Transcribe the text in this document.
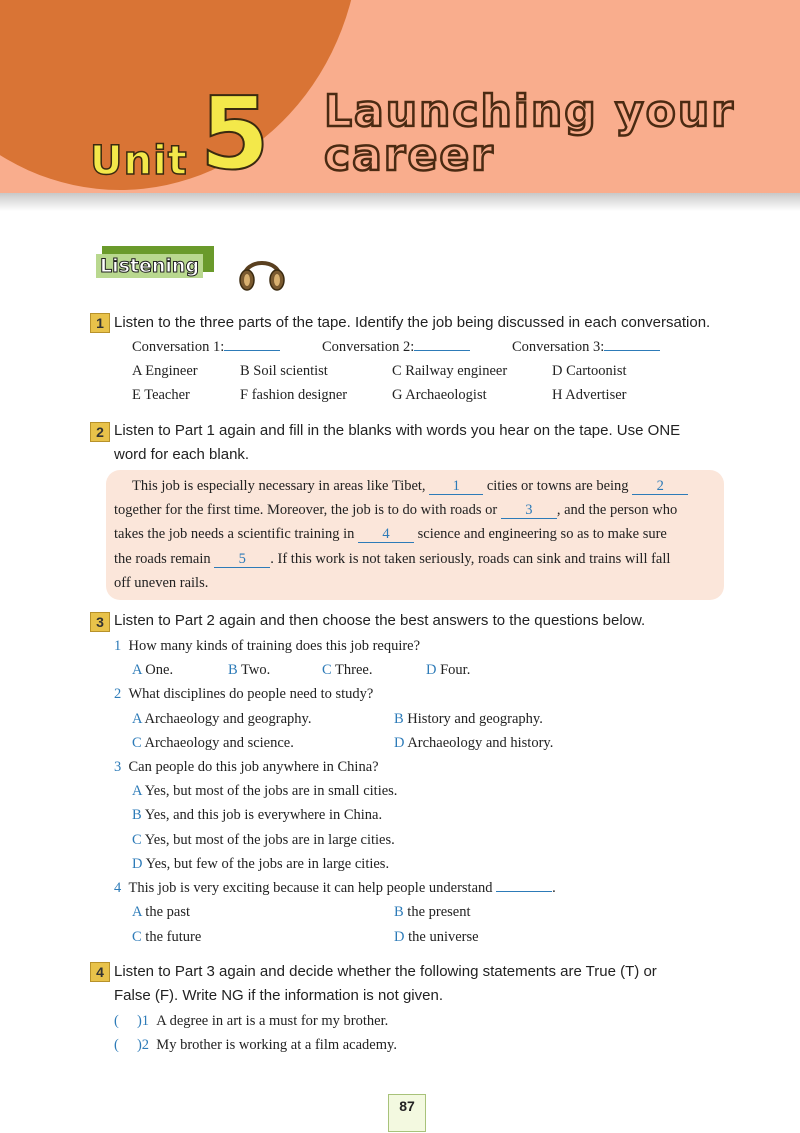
Unit 5 Launching your
career
Listening
1 Listen to the three parts of the tape. Identify the job being discussed in each conversation.
Conversation 1:	Conversation 2:	Conversation 3:
A Engineer	B Soil scientist	C Railway engineer	D Cartoonist
E Teacher	F fashion designer	G Archaeologist	H Advertiser
2 Listen to Part 1 again and fill in the blanks with words you hear on the tape. Use ONE
word for each blank.
This job is especially necessary in areas like Tibet, 1 cities or towns are being 2
together for the first time. Moreover, the job is to do with roads or 3 , and the person who
takes the job needs a scientific training in 4 science and engineering so as to make sure
the roads remain 5 . If this work is not taken seriously, roads can sink and trains will fall
off uneven rails.
3 Listen to Part 2 again and then choose the best answers to the questions below.
1 How many kinds of training does this job require?
A One.	B Two.	C Three.	D Four.
2 What disciplines do people need to study?
A Archaeology and geography.	B History and geography.
C Archaeology and science.	D Archaeology and history.
3 Can people do this job anywhere in China?
A Yes, but most of the jobs are in small cities.
B Yes, and this job is everywhere in China.
C Yes, but most of the jobs are in large cities.
D Yes, but few of the jobs are in large cities.
4 This job is very exciting because it can help people understand	.
A the past	B the present
C the future	D the universe
4 Listen to Part 3 again and decide whether the following statements are True (T) or
False (F). Write NG if the information is not given.
(     )1 A degree in art is a must for my brother.
(     )2 My brother is working at a film academy.
87
